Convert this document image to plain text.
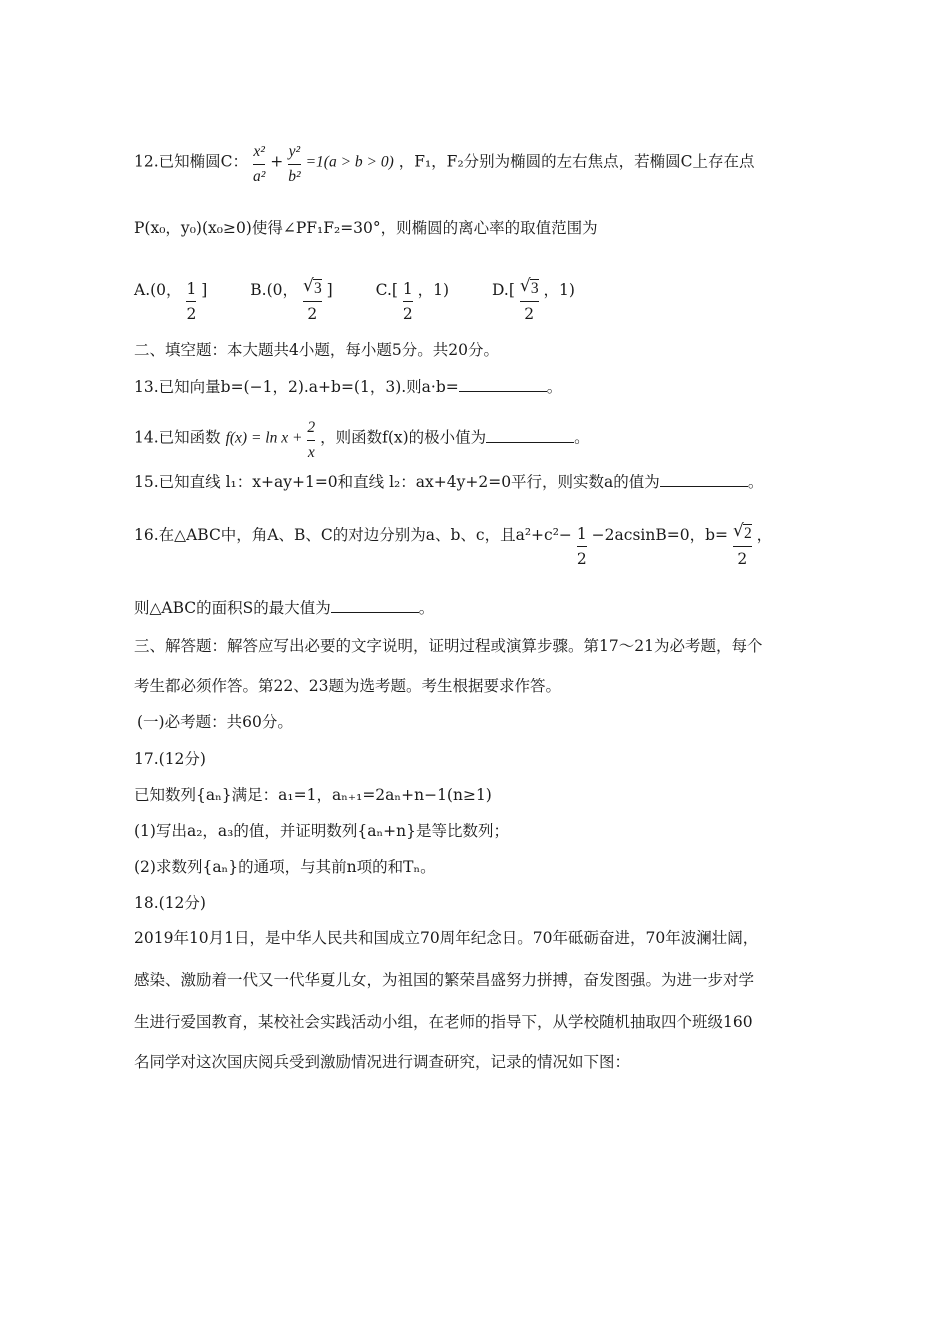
12.已知椭圆C： $\frac{\text{x²}}{\text{a²}} + \frac{\text{y²}}{\text{b²}} =1(a > b > 0)$ ，F₁，F₂分别为椭圆的左右焦点，若椭圆C上存在点
P(x₀，y₀)(x₀≥0)使得∠PF₁F₂=30°，则椭圆的离心率的取值范围为
A.(0， $\frac{1}{2}$ ]	B.(0， $\frac{√ 3}{2}$ ]	$C.[ \frac{1}{2}$ ，1)	$D.[ \frac{√ 3}{2}$ ，1)
二、填空题：本大题共4小题，每小题5分。共20分。
13.已知向量b=(−1，2).a+b=(1，3).则a·b=	。
14.已知函数 $f(x) = \ln x + \frac{2}{x}$ ，则函数f(x)的极小值为	。
15.已知直线 l₁：x+ay+1=0和直线 l₂：ax+4y+2=0平行，则实数a的值为	。
16.在△ABC中，角A、B、C的对边分别为a、b、c，且$a^2+c^2- \frac{1}{2} -2acsinB=0$，$b= \frac{√ 2}{2}$ ，
则△ABC的面积S的最大值为	。
三、解答题：解答应写出必要的文字说明，证明过程或演算步骤。第17～21为必考题，每个
考生都必须作答。第22、23题为选考题。考生根据要求作答。
(一)必考题：共60分。
17.(12分)
已知数列{aₙ}满足：a₁=1，aₙ₊₁=2aₙ+n−1(n≥1)
(1)写出a₂，a₃的值，并证明数列{aₙ+n}是等比数列；
(2)求数列{aₙ}的通项，与其前n项的和Tₙ。
18.(12分)
2019年10月1日，是中华人民共和国成立70周年纪念日。70年砥砺奋进，70年波澜壮阔，
感染、激励着一代又一代华夏儿女，为祖国的繁荣昌盛努力拼搏，奋发图强。为进一步对学
生进行爱国教育，某校社会实践活动小组，在老师的指导下，从学校随机抽取四个班级160
名同学对这次国庆阅兵受到激励情况进行调查研究，记录的情况如下图：
